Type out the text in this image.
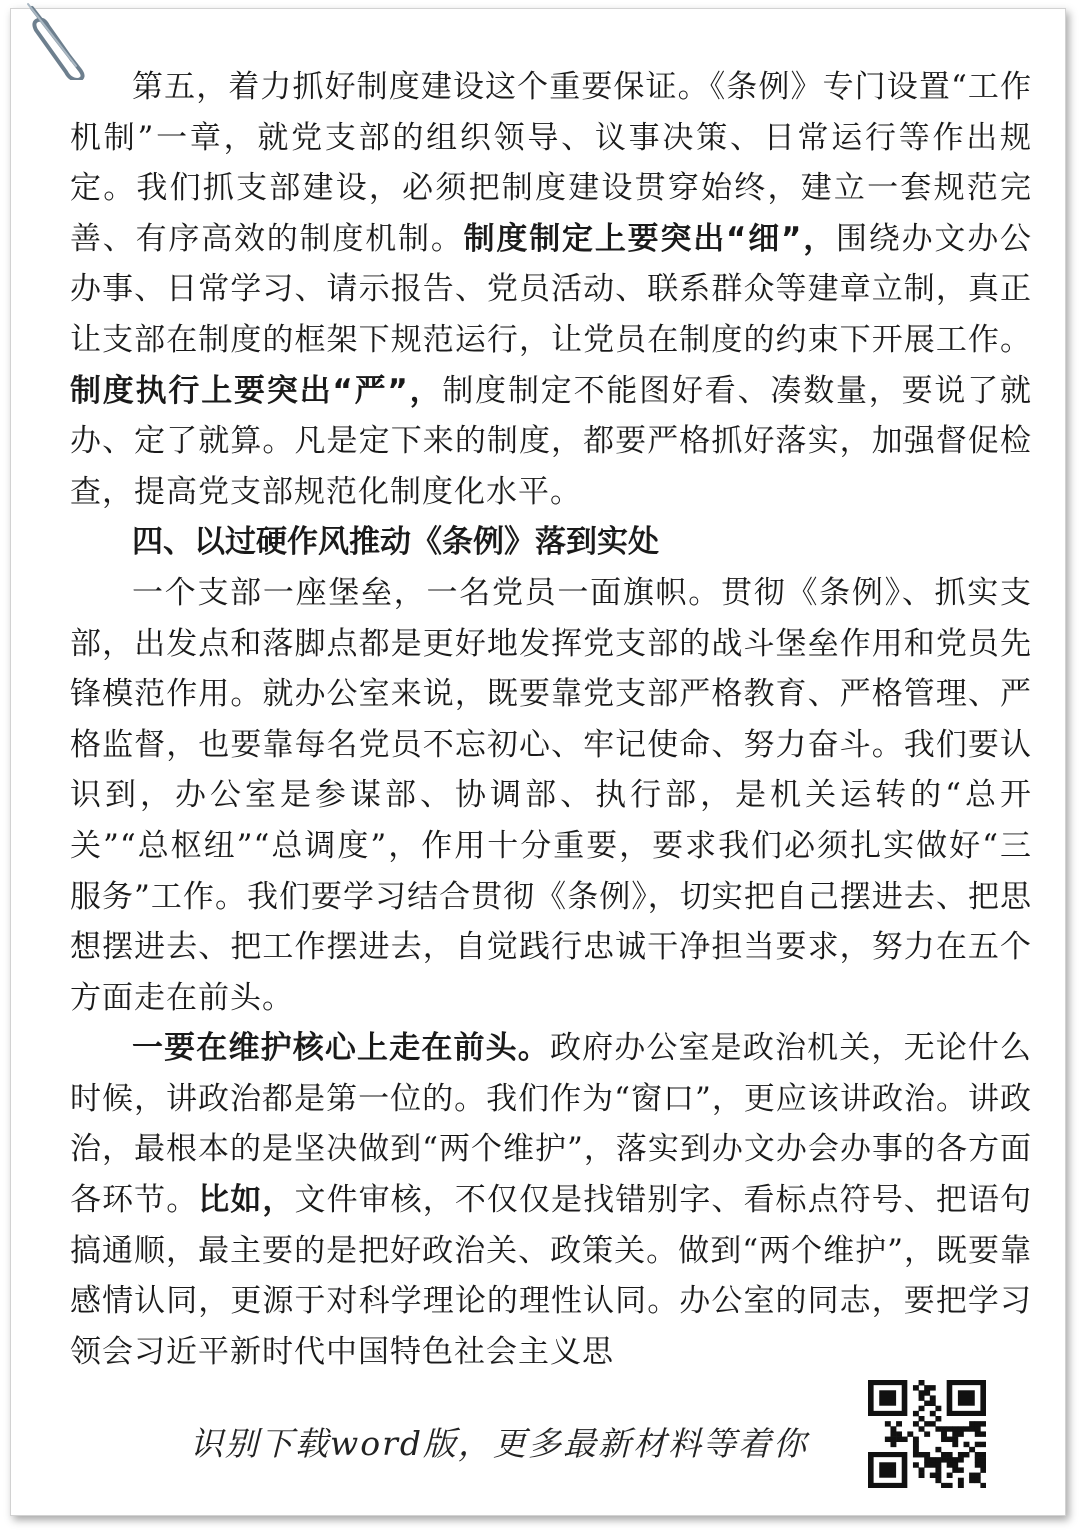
第五，着力抓好制度建设这个重要保证。《条例》专门设置“工作机制”一章，就党支部的组织领导、议事决策、日常运行等作出规定。我们抓支部建设，必须把制度建设贯穿始终，建立一套规范完善、有序高效的制度机制。制度制定上要突出“细”，围绕办文办公办事、日常学习、请示报告、党员活动、联系群众等建章立制，真正让支部在制度的框架下规范运行，让党员在制度的约束下开展工作。制度执行上要突出“严”，制度制定不能图好看、凑数量，要说了就办、定了就算。凡是定下来的制度，都要严格抓好落实，加强督促检查，提高党支部规范化制度化水平。

四、以过硬作风推动《条例》落到实处

一个支部一座堡垒，一名党员一面旗帜。贯彻《条例》、抓实支部，出发点和落脚点都是更好地发挥党支部的战斗堡垒作用和党员先锋模范作用。就办公室来说，既要靠党支部严格教育、严格管理、严格监督，也要靠每名党员不忘初心、牢记使命、努力奋斗。我们要认识到，办公室是参谋部、协调部、执行部，是机关运转的“总开关”“总枢纽”“总调度”，作用十分重要，要求我们必须扎实做好“三服务”工作。我们要学习结合贯彻《条例》，切实把自己摆进去、把思想摆进去、把工作摆进去，自觉践行忠诚干净担当要求，努力在五个方面走在前头。

一要在维护核心上走在前头。政府办公室是政治机关，无论什么时候，讲政治都是第一位的。我们作为“窗口”，更应该讲政治。讲政治，最根本的是坚决做到“两个维护”，落实到办文办会办事的各方面各环节。比如，文件审核，不仅仅是找错别字、看标点符号、把语句搞通顺，最主要的是把好政治关、政策关。做到“两个维护”，既要靠感情认同，更源于对科学理论的理性认同。办公室的同志，要把学习领会习近平新时代中国特色社会主义思

识别下载word版，更多最新材料等着你
